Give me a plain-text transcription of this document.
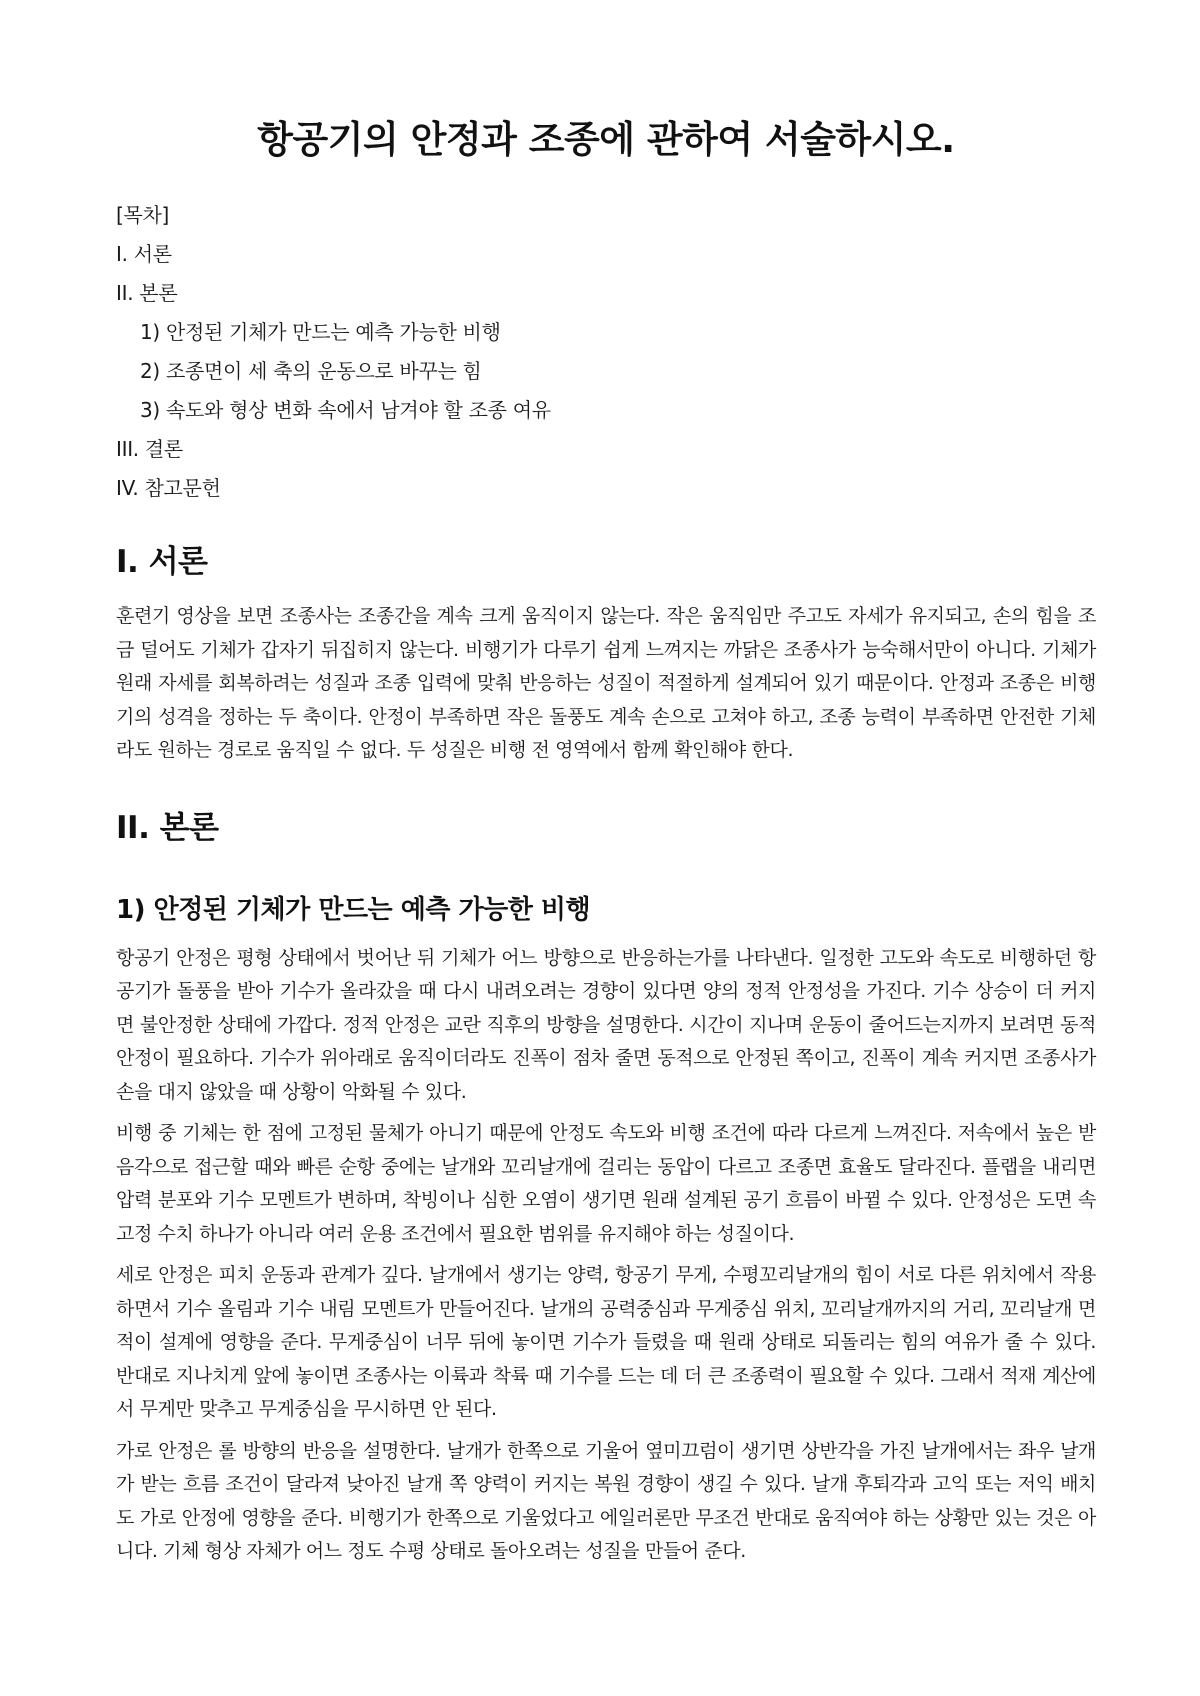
항공기의 안정과 조종에 관하여 서술하시오.
[목차]
I. 서론
II. 본론
1) 안정된 기체가 만드는 예측 가능한 비행
2) 조종면이 세 축의 운동으로 바꾸는 힘
3) 속도와 형상 변화 속에서 남겨야 할 조종 여유
III. 결론
IV. 참고문헌
I. 서론

훈련기 영상을 보면 조종사는 조종간을 계속 크게 움직이지 않는다. 작은 움직임만 주고도 자세가 유지되고, 손의 힘을 조금 덜어도 기체가 갑자기 뒤집히지 않는다. 비행기가 다루기 쉽게 느껴지는 까닭은 조종사가 능숙해서만이 아니다. 기체가 원래 자세를 회복하려는 성질과 조종 입력에 맞춰 반응하는 성질이 적절하게 설계되어 있기 때문이다. 안정과 조종은 비행기의 성격을 정하는 두 축이다. 안정이 부족하면 작은 돌풍도 계속 손으로 고쳐야 하고, 조종 능력이 부족하면 안전한 기체라도 원하는 경로로 움직일 수 없다. 두 성질은 비행 전 영역에서 함께 확인해야 한다.

II. 본론
1) 안정된 기체가 만드는 예측 가능한 비행

항공기 안정은 평형 상태에서 벗어난 뒤 기체가 어느 방향으로 반응하는가를 나타낸다. 일정한 고도와 속도로 비행하던 항공기가 돌풍을 받아 기수가 올라갔을 때 다시 내려오려는 경향이 있다면 양의 정적 안정성을 가진다. 기수 상승이 더 커지면 불안정한 상태에 가깝다. 정적 안정은 교란 직후의 방향을 설명한다. 시간이 지나며 운동이 줄어드는지까지 보려면 동적 안정이 필요하다. 기수가 위아래로 움직이더라도 진폭이 점차 줄면 동적으로 안정된 쪽이고, 진폭이 계속 커지면 조종사가 손을 대지 않았을 때 상황이 악화될 수 있다.

비행 중 기체는 한 점에 고정된 물체가 아니기 때문에 안정도 속도와 비행 조건에 따라 다르게 느껴진다. 저속에서 높은 받음각으로 접근할 때와 빠른 순항 중에는 날개와 꼬리날개에 걸리는 동압이 다르고 조종면 효율도 달라진다. 플랩을 내리면 압력 분포와 기수 모멘트가 변하며, 착빙이나 심한 오염이 생기면 원래 설계된 공기 흐름이 바뀔 수 있다. 안정성은 도면 속 고정 수치 하나가 아니라 여러 운용 조건에서 필요한 범위를 유지해야 하는 성질이다.

세로 안정은 피치 운동과 관계가 깊다. 날개에서 생기는 양력, 항공기 무게, 수평꼬리날개의 힘이 서로 다른 위치에서 작용하면서 기수 올림과 기수 내림 모멘트가 만들어진다. 날개의 공력중심과 무게중심 위치, 꼬리날개까지의 거리, 꼬리날개 면적이 설계에 영향을 준다. 무게중심이 너무 뒤에 놓이면 기수가 들렸을 때 원래 상태로 되돌리는 힘의 여유가 줄 수 있다. 반대로 지나치게 앞에 놓이면 조종사는 이륙과 착륙 때 기수를 드는 데 더 큰 조종력이 필요할 수 있다. 그래서 적재 계산에서 무게만 맞추고 무게중심을 무시하면 안 된다.

가로 안정은 롤 방향의 반응을 설명한다. 날개가 한쪽으로 기울어 옆미끄럼이 생기면 상반각을 가진 날개에서는 좌우 날개가 받는 흐름 조건이 달라져 낮아진 날개 쪽 양력이 커지는 복원 경향이 생길 수 있다. 날개 후퇴각과 고익 또는 저익 배치도 가로 안정에 영향을 준다. 비행기가 한쪽으로 기울었다고 에일러론만 무조건 반대로 움직여야 하는 상황만 있는 것은 아니다. 기체 형상 자체가 어느 정도 수평 상태로 돌아오려는 성질을 만들어 준다.
